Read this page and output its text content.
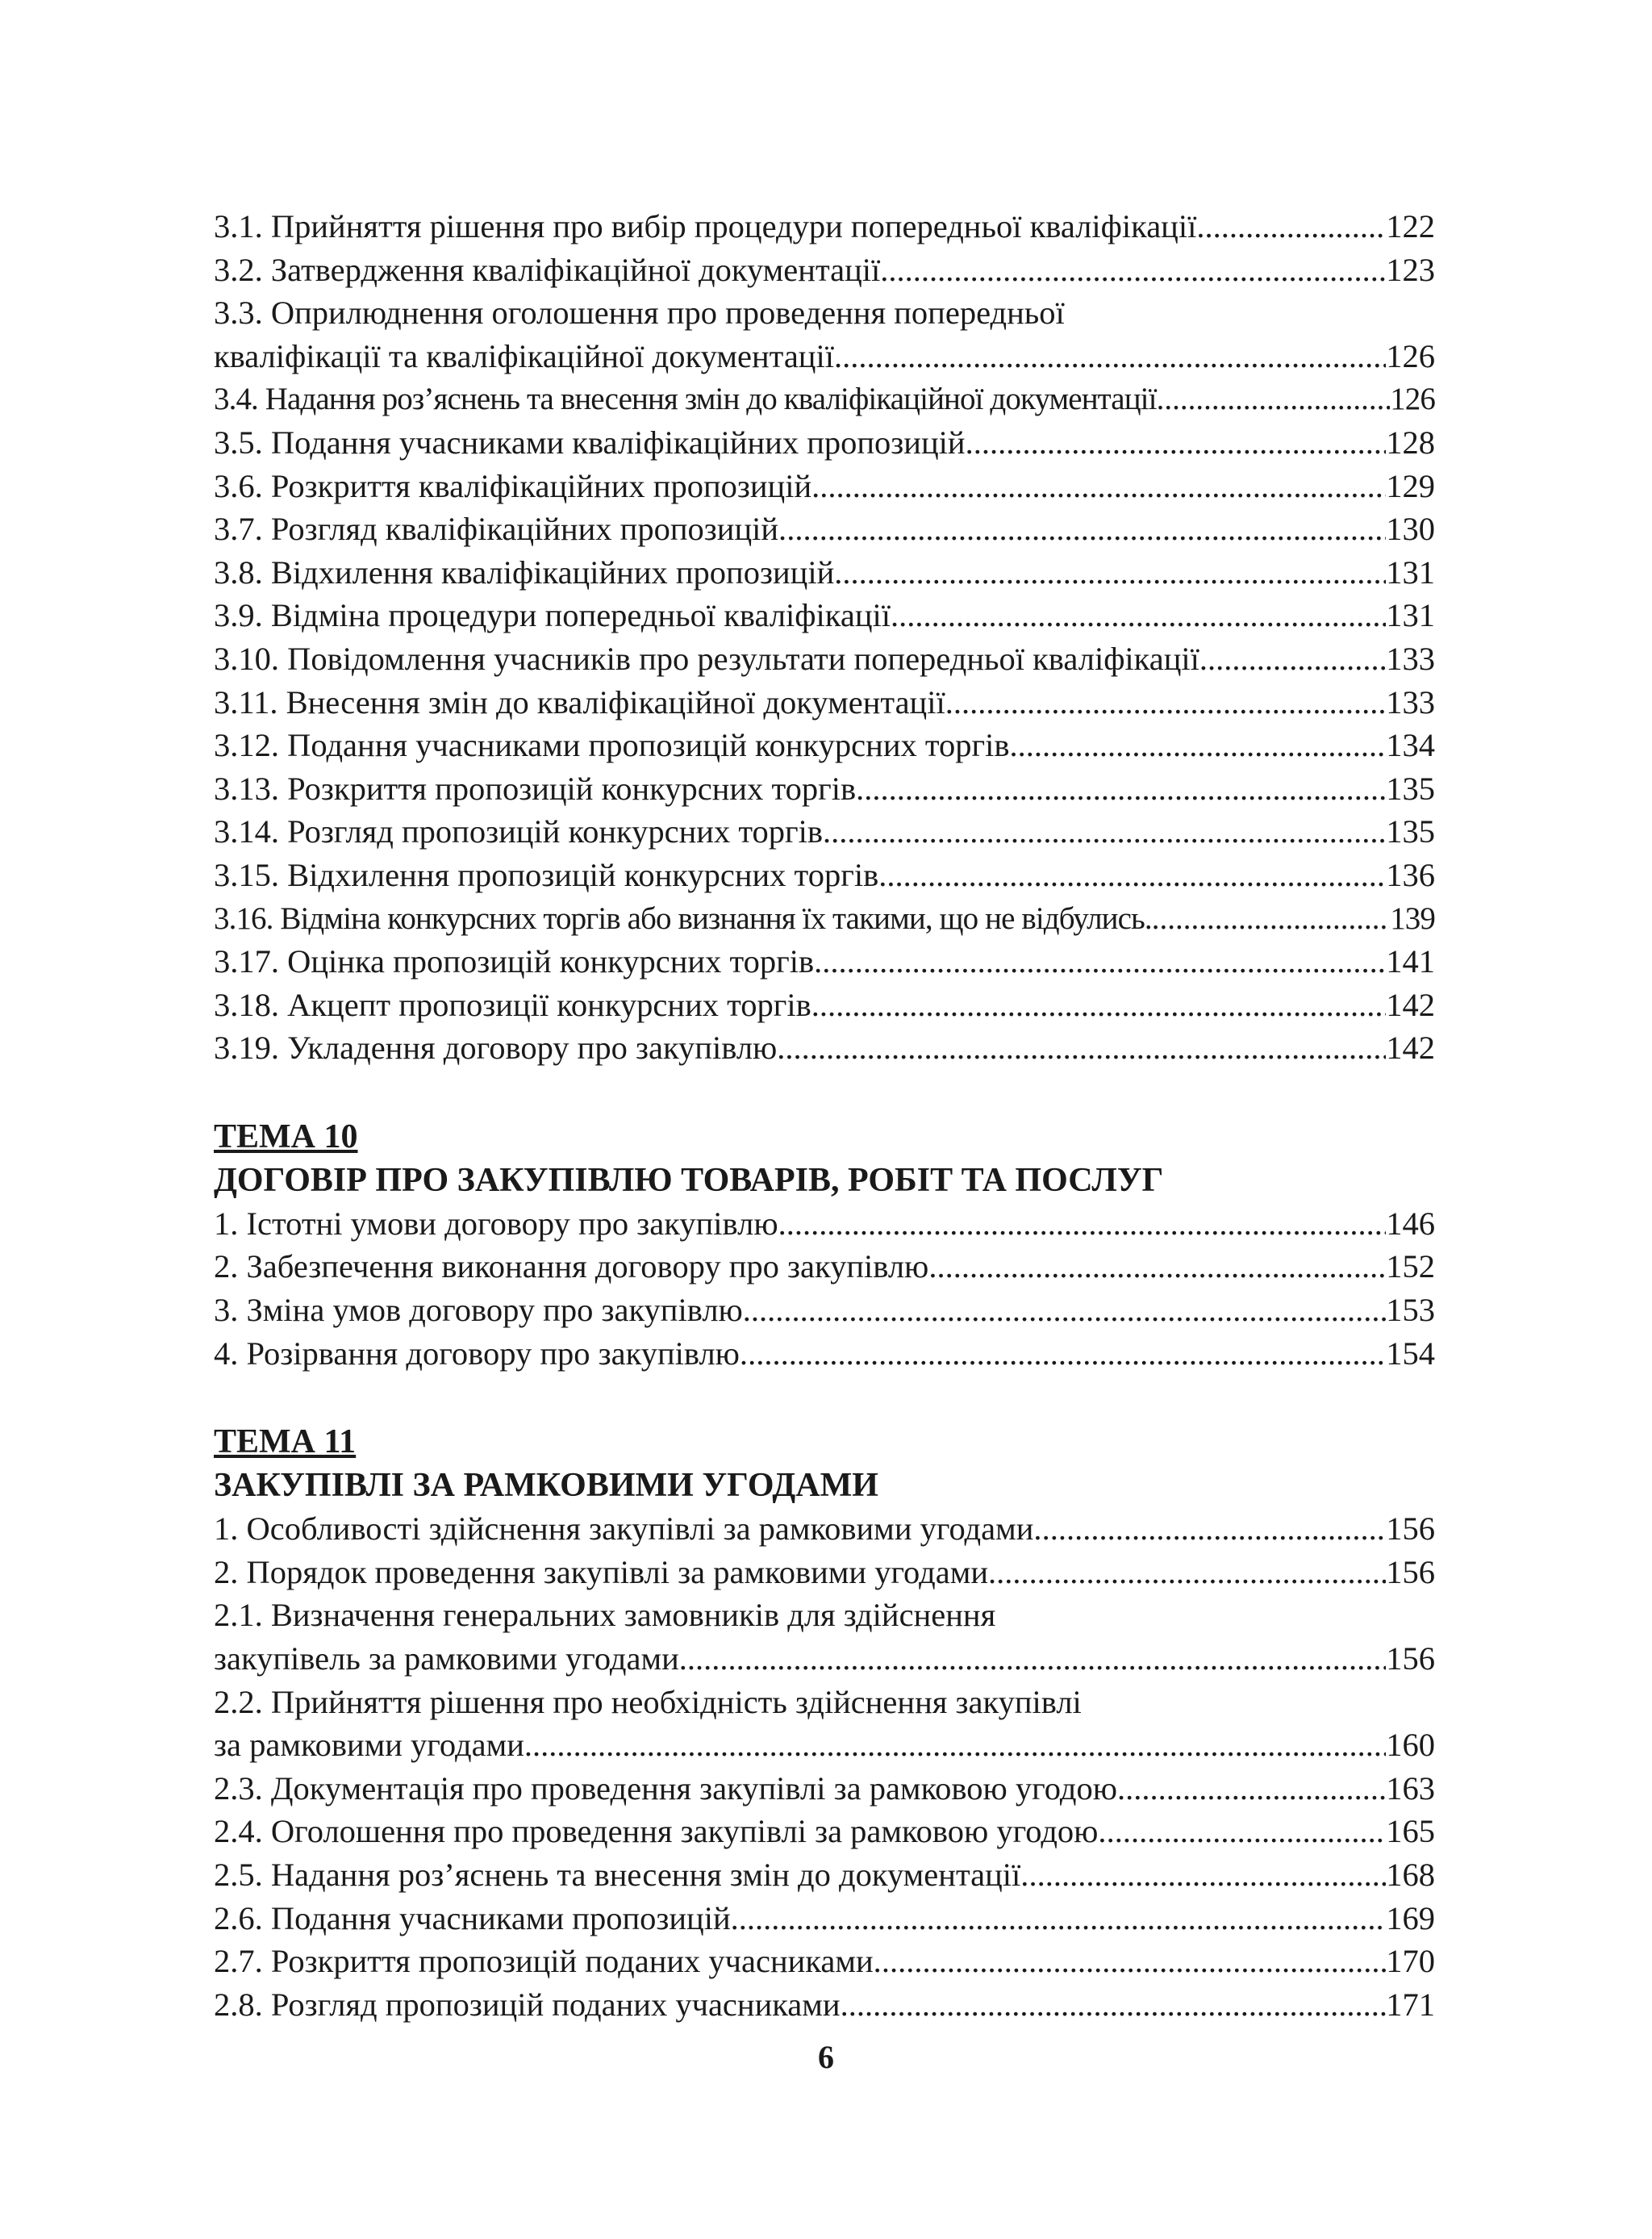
3.1. Прийняття рішення про вибір процедури попередньої кваліфікації. .....	122
3.2. Затвердження кваліфікаційної документації. .....	123
3.3. Оприлюднення оголошення про проведення попередньої
кваліфікації та кваліфікаційної документації .....	126
3.4. Надання роз’яснень та внесення змін до кваліфікаційної документації .....	126
3.5. Подання учасниками кваліфікаційних пропозицій .....	128
3.6. Розкриття кваліфікаційних пропозицій. .....	129
3.7. Розгляд кваліфікаційних пропозицій. .....	130
3.8. Відхилення кваліфікаційних пропозицій .....	131
3.9. Відміна процедури попередньої кваліфікації. .....	131
3.10. Повідомлення учасників про результати попередньої кваліфікації. .....	133
3.11. Внесення змін до кваліфікаційної документації. .....	133
3.12. Подання учасниками пропозицій конкурсних торгів. .....	134
3.13. Розкриття пропозицій конкурсних торгів. .....	135
3.14. Розгляд пропозицій конкурсних торгів. .....	135
3.15. Відхилення пропозицій конкурсних торгів. .....	136
3.16. Відміна конкурсних торгів або визнання їх такими, що не відбулись. .....	139
3.17. Оцінка пропозицій конкурсних торгів. .....	141
3.18. Акцепт пропозиції конкурсних торгів. .....	142
3.19. Укладення договору про закупівлю .....	142
ТЕМА 10
ДОГОВІР ПРО ЗАКУПІВЛЮ ТОВАРІВ, РОБІТ ТА ПОСЛУГ
1. Істотні умови договору про закупівлю. .....	146
2. Забезпечення виконання договору про закупівлю. .....	152
3. Зміна умов договору про закупівлю. .....	153
4. Розірвання договору про закупівлю. .....	154
ТЕМА 11
ЗАКУПІВЛІ ЗА РАМКОВИМИ УГОДАМИ
1. Особливості здійснення закупівлі за рамковими угодами. .....	156
2. Порядок проведення закупівлі за рамковими угодами. .....	156
2.1. Визначення генеральних замовників для здійснення
закупівель за рамковими угодами .....	156
2.2. Прийняття рішення про необхідність здійснення закупівлі
за рамковими угодами .....	160
2.3. Документація про проведення закупівлі за рамковою угодою. .....	163
2.4. Оголошення про проведення закупівлі за рамковою угодою. .....	165
2.5. Надання роз’яснень та внесення змін до документації. .....	168
2.6. Подання учасниками пропозицій. .....	169
2.7. Розкриття пропозицій поданих учасниками. .....	170
2.8. Розгляд пропозицій поданих учасниками. .....	171
6
